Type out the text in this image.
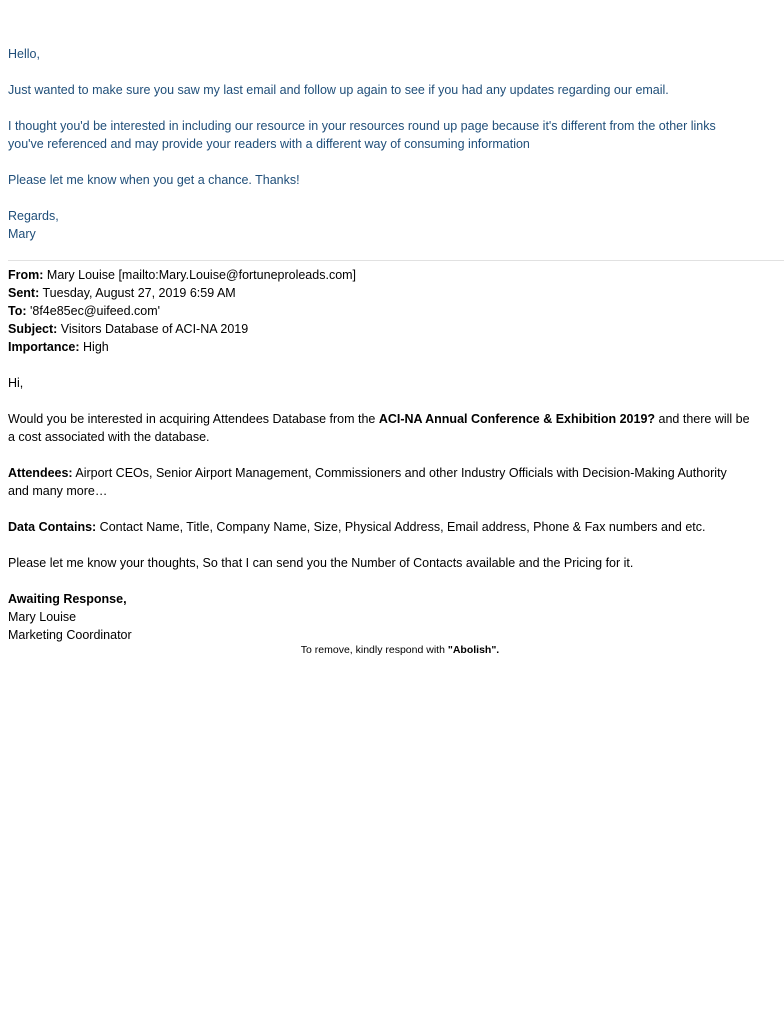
Hello,
Just wanted to make sure you saw my last email and follow up again to see if you had any updates regarding our email.
I thought you'd be interested in including our resource in your resources round up page because it's different from the other links
you've referenced and may provide your readers with a different way of consuming information
Please let me know when you get a chance. Thanks!
Regards,
Mary
From: Mary Louise [mailto:Mary.Louise@fortuneproleads.com]
Sent: Tuesday, August 27, 2019 6:59 AM
To: '8f4e85ec@uifeed.com'
Subject: Visitors Database of ACI-NA 2019
Importance: High
Hi,
Would you be interested in acquiring Attendees Database from the ACI-NA Annual Conference & Exhibition 2019? and there will be
a cost associated with the database.
Attendees: Airport CEOs, Senior Airport Management, Commissioners and other Industry Officials with Decision-Making Authority
and many more…
Data Contains: Contact Name, Title, Company Name, Size, Physical Address, Email address, Phone & Fax numbers and etc.
Please let me know your thoughts, So that I can send you the Number of Contacts available and the Pricing for it.
Awaiting Response,
Mary Louise
Marketing Coordinator
To remove, kindly respond with "Abolish".
